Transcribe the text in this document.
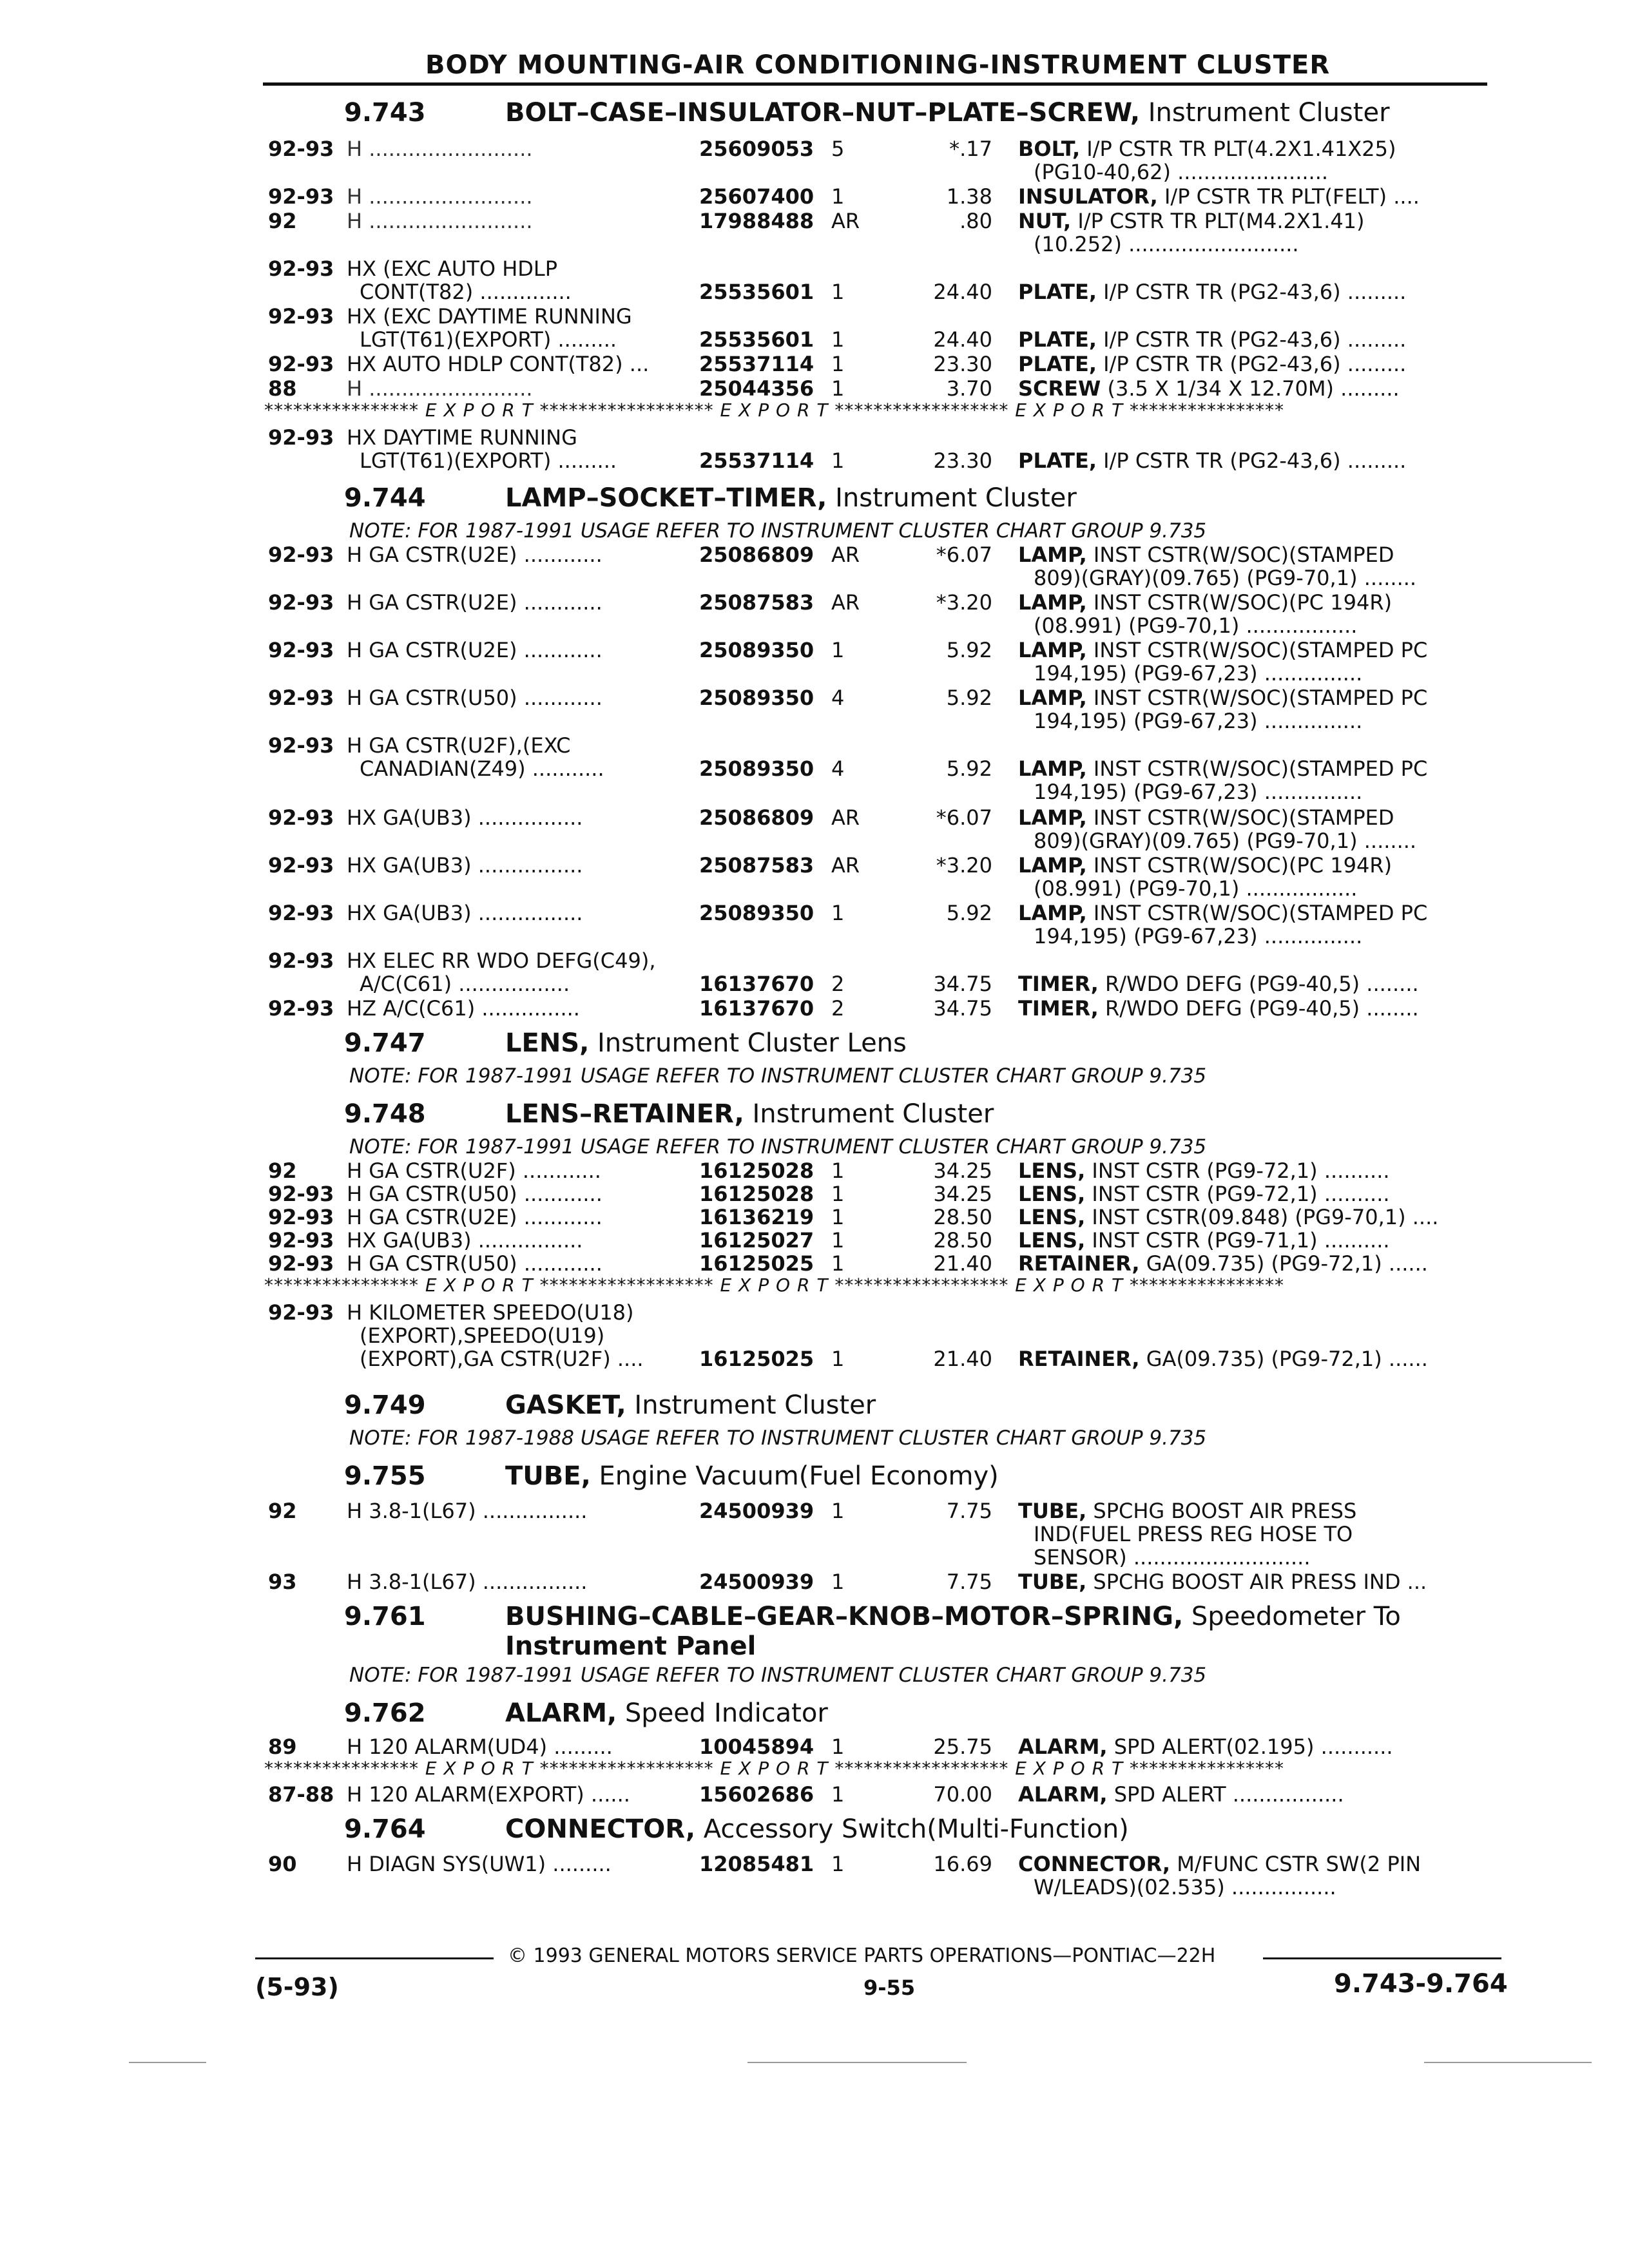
BODY MOUNTING-AIR CONDITIONING-INSTRUMENT CLUSTER
9.743	BOLT–CASE–INSULATOR–NUT–PLATE–SCREW, Instrument Cluster
92-93 H .........................	25609053 5	*.17 BOLT, I/P CSTR TR PLT(4.2X1.41X25)
(PG10-40,62) .......................
92-93 H .........................	25607400 1	1.38 INSULATOR, I/P CSTR TR PLT(FELT) ....
92 H .........................	17988488 AR	.80 NUT, I/P CSTR TR PLT(M4.2X1.41)
(10.252) ..........................
92-93 HX (EXC AUTO HDLP
CONT(T82) ..............	25535601 1	24.40 PLATE, I/P CSTR TR (PG2-43,6) .........
92-93 HX (EXC DAYTIME RUNNING
LGT(T61)(EXPORT) .........	25535601 1	24.40 PLATE, I/P CSTR TR (PG2-43,6) .........
92-93 HX AUTO HDLP CONT(T82) ... 25537114 1	23.30 PLATE, I/P CSTR TR (PG2-43,6) .........
88 H .........................	25044356 1	3.70 SCREW (3.5 X 1/34 X 12.70M) .........
**************** E X P O R T ****************** E X P O R T ****************** E X P O R T ****************
92-93 HX DAYTIME RUNNING
LGT(T61)(EXPORT) .........	25537114 1	23.30 PLATE, I/P CSTR TR (PG2-43,6) .........
9.744	LAMP–SOCKET–TIMER, Instrument Cluster
NOTE: FOR 1987-1991 USAGE REFER TO INSTRUMENT CLUSTER CHART GROUP 9.735
92-93 H GA CSTR(U2E) ............	25086809 AR	*6.07 LAMP, INST CSTR(W/SOC)(STAMPED
809)(GRAY)(09.765) (PG9-70,1) ........
92-93 H GA CSTR(U2E) ............	25087583 AR	*3.20 LAMP, INST CSTR(W/SOC)(PC 194R)
(08.991) (PG9-70,1) .................
92-93 H GA CSTR(U2E) ............	25089350 1	5.92 LAMP, INST CSTR(W/SOC)(STAMPED PC
194,195) (PG9-67,23) ...............
92-93 H GA CSTR(U50) ............	25089350 4	5.92 LAMP, INST CSTR(W/SOC)(STAMPED PC
194,195) (PG9-67,23) ...............
92-93 H GA CSTR(U2F),(EXC
CANADIAN(Z49) ...........	25089350 4	5.92 LAMP, INST CSTR(W/SOC)(STAMPED PC
194,195) (PG9-67,23) ...............
92-93 HX GA(UB3) ................	25086809 AR	*6.07 LAMP, INST CSTR(W/SOC)(STAMPED
809)(GRAY)(09.765) (PG9-70,1) ........
92-93 HX GA(UB3) ................	25087583 AR	*3.20 LAMP, INST CSTR(W/SOC)(PC 194R)
(08.991) (PG9-70,1) .................
92-93 HX GA(UB3) ................	25089350 1	5.92 LAMP, INST CSTR(W/SOC)(STAMPED PC
194,195) (PG9-67,23) ...............
92-93 HX ELEC RR WDO DEFG(C49),
A/C(C61) .................	16137670 2	34.75 TIMER, R/WDO DEFG (PG9-40,5) ........
92-93 HZ A/C(C61) ...............	16137670 2	34.75 TIMER, R/WDO DEFG (PG9-40,5) ........
9.747	LENS, Instrument Cluster Lens
NOTE: FOR 1987-1991 USAGE REFER TO INSTRUMENT CLUSTER CHART GROUP 9.735
9.748	LENS–RETAINER, Instrument Cluster
NOTE: FOR 1987-1991 USAGE REFER TO INSTRUMENT CLUSTER CHART GROUP 9.735
92 H GA CSTR(U2F) ............	16125028 1	34.25 LENS, INST CSTR (PG9-72,1) ..........
92-93 H GA CSTR(U50) ............	16125028 1	34.25 LENS, INST CSTR (PG9-72,1) ..........
92-93 H GA CSTR(U2E) ............	16136219 1	28.50 LENS, INST CSTR(09.848) (PG9-70,1) ....
92-93 HX GA(UB3) ................	16125027 1	28.50 LENS, INST CSTR (PG9-71,1) ..........
92-93 H GA CSTR(U50) ............	16125025 1	21.40 RETAINER, GA(09.735) (PG9-72,1) ......
**************** E X P O R T ****************** E X P O R T ****************** E X P O R T ****************
92-93 H KILOMETER SPEEDO(U18)
(EXPORT),SPEEDO(U19)
(EXPORT),GA CSTR(U2F) ....	16125025 1	21.40 RETAINER, GA(09.735) (PG9-72,1) ......
9.749	GASKET, Instrument Cluster
NOTE: FOR 1987-1988 USAGE REFER TO INSTRUMENT CLUSTER CHART GROUP 9.735
9.755	TUBE, Engine Vacuum(Fuel Economy)
92 H 3.8-1(L67) ................	24500939 1	7.75 TUBE, SPCHG BOOST AIR PRESS
IND(FUEL PRESS REG HOSE TO
SENSOR) ...........................
93 H 3.8-1(L67) ................	24500939 1	7.75 TUBE, SPCHG BOOST AIR PRESS IND ...
9.761	BUSHING–CABLE–GEAR–KNOB–MOTOR–SPRING, Speedometer To
Instrument Panel
NOTE: FOR 1987-1991 USAGE REFER TO INSTRUMENT CLUSTER CHART GROUP 9.735
9.762	ALARM, Speed Indicator
89 H 120 ALARM(UD4) .........	10045894 1	25.75 ALARM, SPD ALERT(02.195) ...........
**************** E X P O R T ****************** E X P O R T ****************** E X P O R T ****************
87-88 H 120 ALARM(EXPORT) ......	15602686 1	70.00 ALARM, SPD ALERT .................
9.764	CONNECTOR, Accessory Switch(Multi-Function)
90 H DIAGN SYS(UW1) .........	12085481 1	16.69 CONNECTOR, M/FUNC CSTR SW(2 PIN
W/LEADS)(02.535) ................
© 1993 GENERAL MOTORS SERVICE PARTS OPERATIONS—PONTIAC—22H
(5-93)	9-55	9.743-9.764
